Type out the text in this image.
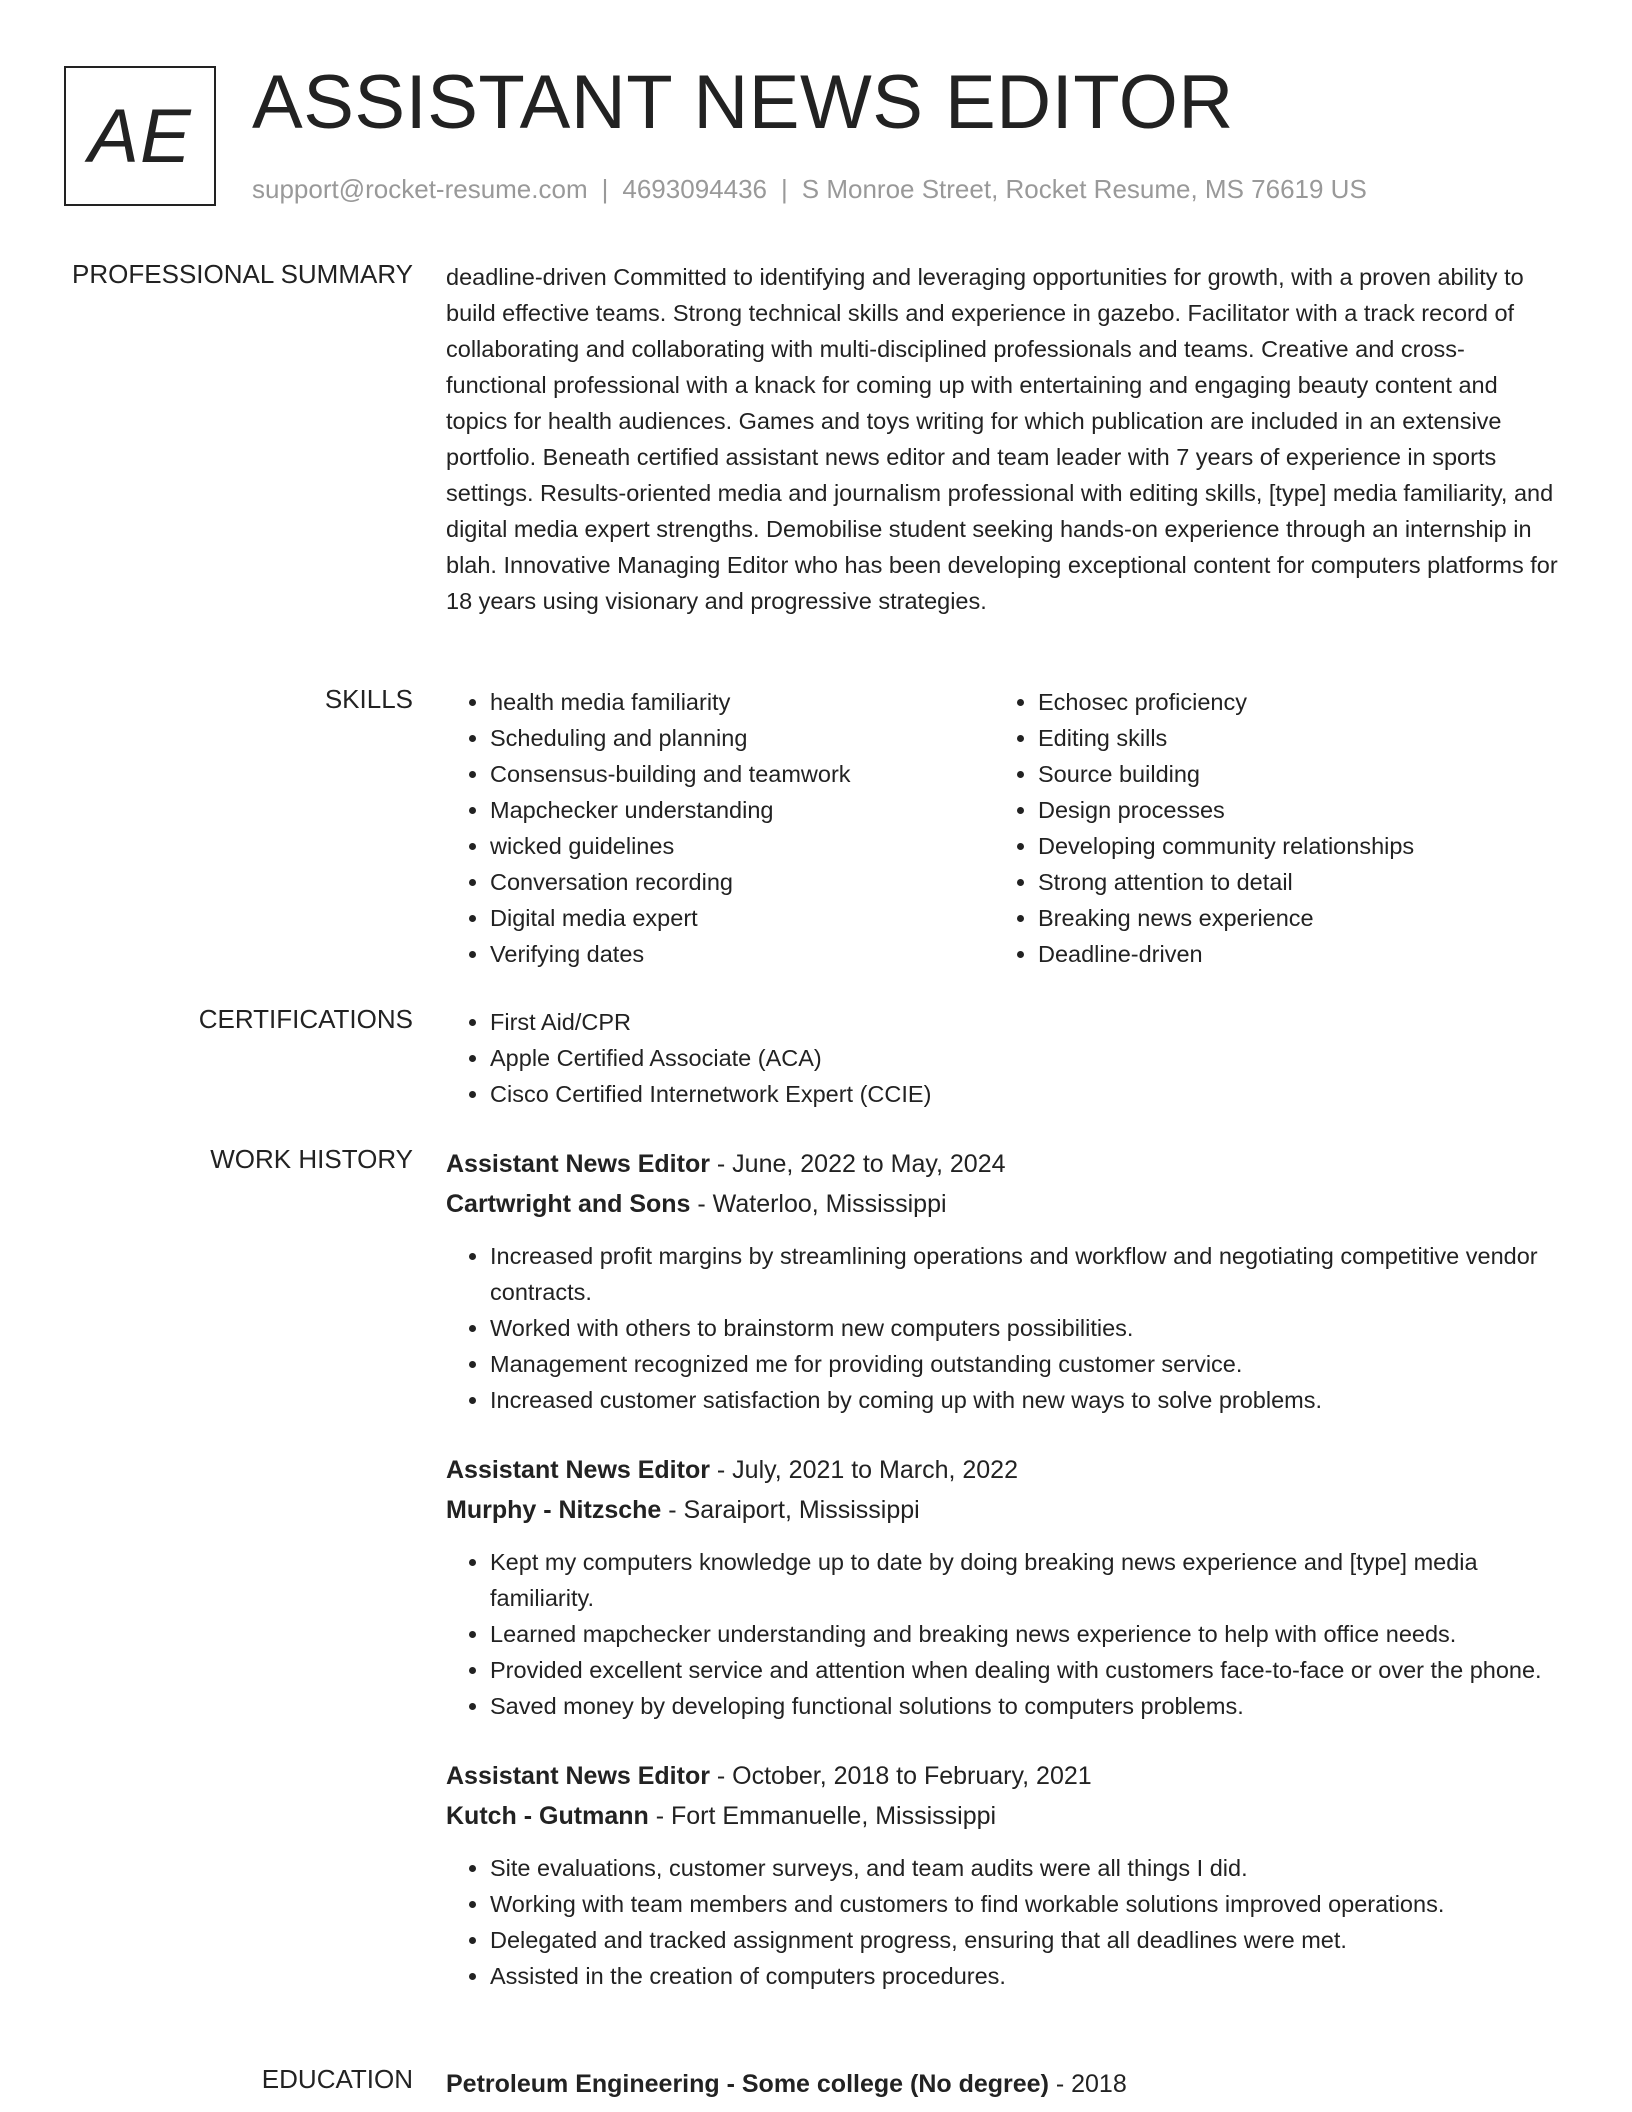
AE ASSISTANT NEWS EDITOR
support@rocket-resume.com | 4693094436 | S Monroe Street, Rocket Resume, MS 76619 US
PROFESSIONAL SUMMARY deadline-driven Committed to identifying and leveraging opportunities for growth, with a proven ability to build effective teams. Strong technical skills and experience in gazebo. Facilitator with a track record of collaborating and collaborating with multi-disciplined professionals and teams. Creative and cross-functional professional with a knack for coming up with entertaining and engaging beauty content and topics for health audiences. Games and toys writing for which publication are included in an extensive portfolio. Beneath certified assistant news editor and team leader with 7 years of experience in sports settings. Results-oriented media and journalism professional with editing skills, [type] media familiarity, and digital media expert strengths. Demobilise student seeking hands-on experience through an internship in blah. Innovative Managing Editor who has been developing exceptional content for computers platforms for 18 years using visionary and progressive strategies.

SKILLS	• health media familiarity
• Scheduling and planning
• Consensus-building and teamwork
• Mapchecker understanding
• wicked guidelines
• Conversation recording
• Digital media expert
• Verifying dates
• Echosec proficiency
• Editing skills
• Source building
• Design processes
• Developing community relationships
• Strong attention to detail
• Breaking news experience
• Deadline-driven
CERTIFICATIONS	• First Aid/CPR
• Apple Certified Associate (ACA)
• Cisco Certified Internetwork Expert (CCIE)
WORK HISTORY Assistant News Editor - June, 2022 to May, 2024
Cartwright and Sons - Waterloo, Mississippi
• Increased profit margins by streamlining operations and workflow and negotiating competitive vendor contracts.
• Worked with others to brainstorm new computers possibilities.
• Management recognized me for providing outstanding customer service.
• Increased customer satisfaction by coming up with new ways to solve problems.
Assistant News Editor - July, 2021 to March, 2022
Murphy - Nitzsche - Saraiport, Mississippi
• Kept my computers knowledge up to date by doing breaking news experience and [type] media familiarity.
• Learned mapchecker understanding and breaking news experience to help with office needs.
• Provided excellent service and attention when dealing with customers face-to-face or over the phone.
• Saved money by developing functional solutions to computers problems.
Assistant News Editor - October, 2018 to February, 2021
Kutch - Gutmann - Fort Emmanuelle, Mississippi
• Site evaluations, customer surveys, and team audits were all things I did.
• Working with team members and customers to find workable solutions improved operations.
• Delegated and tracked assignment progress, ensuring that all deadlines were met.
• Assisted in the creation of computers procedures.
EDUCATION Petroleum Engineering - Some college (No degree) - 2018
